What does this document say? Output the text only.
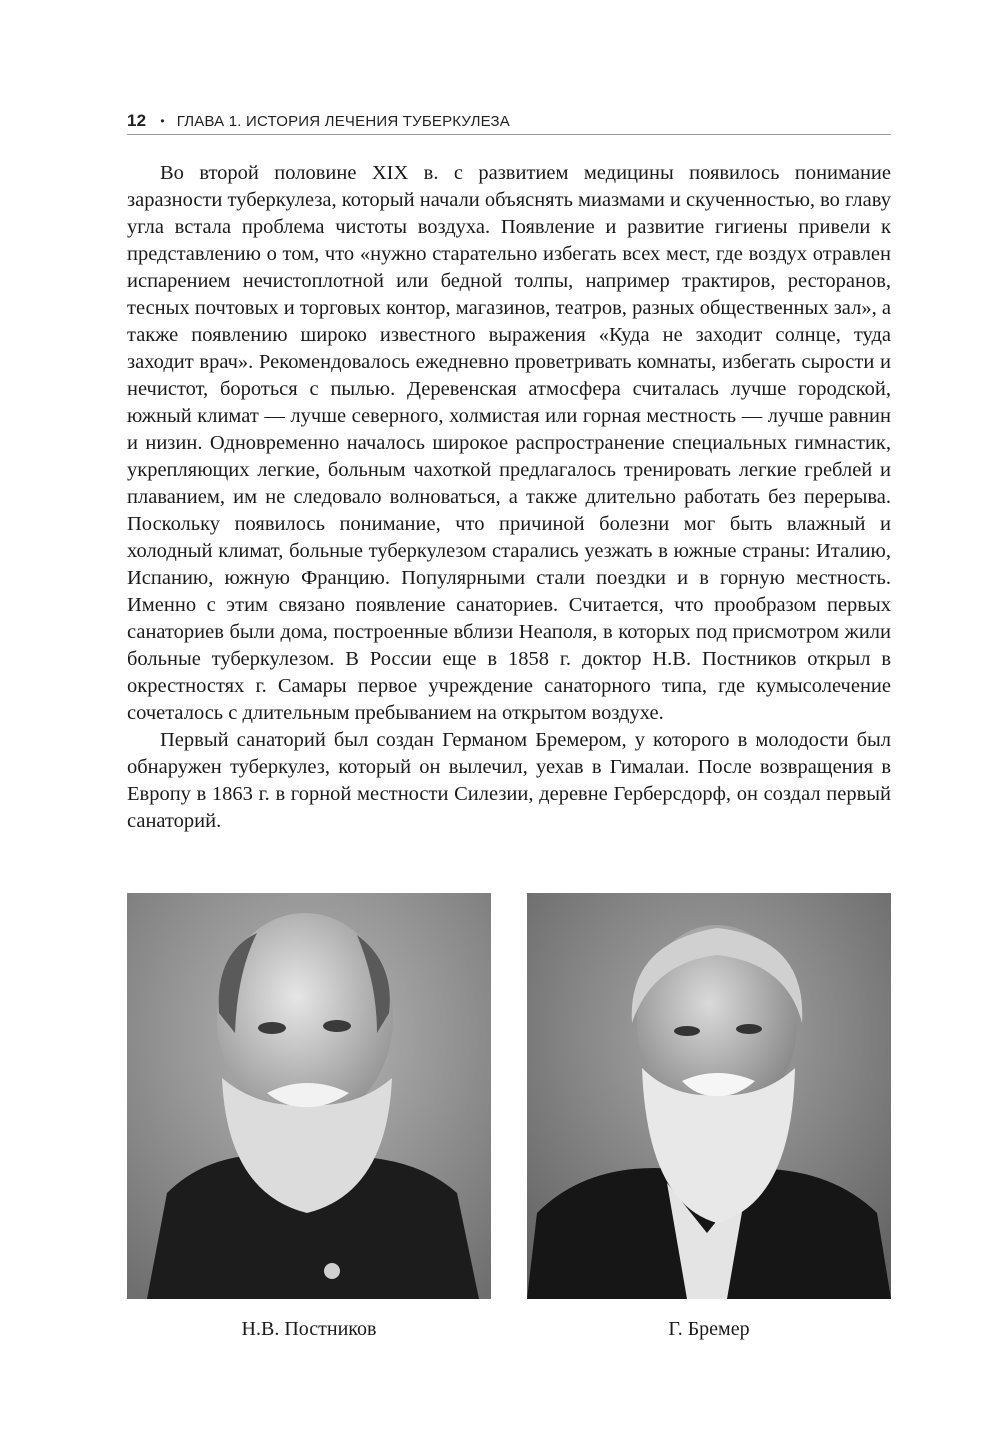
12 • ГЛАВА 1. ИСТОРИЯ ЛЕЧЕНИЯ ТУБЕРКУЛЕЗА

Во второй половине XIX в. с развитием медицины появилось понимание заразности туберкулеза, который начали объяснять миазмами и скученностью, во главу угла встала проблема чистоты воздуха. Появление и развитие гигиены привели к представлению о том, что «нужно старательно избегать всех мест, где воздух отравлен испарением нечистоплотной или бедной толпы, например трактиров, ресторанов, тесных почтовых и торговых контор, магазинов, театров, разных общественных зал», а также появлению широко известного выражения «Куда не заходит солнце, туда заходит врач». Рекомендовалось ежедневно проветривать комнаты, избегать сырости и нечистот, бороться с пылью. Деревенская атмосфера считалась лучше городской, южный климат — лучше северного, холмистая или горная местность — лучше равнин и низин. Одновременно началось широкое распространение специальных гимнастик, укрепляющих легкие, больным чахоткой предлагалось тренировать легкие греблей и плаванием, им не следовало волноваться, а также длительно работать без перерыва. Поскольку появилось понимание, что причиной болезни мог быть влажный и холодный климат, больные туберкулезом старались уезжать в южные страны: Италию, Испанию, южную Францию. Популярными стали поездки и в горную местность. Именно с этим связано появление санаториев. Считается, что прообразом первых санаториев были дома, построенные вблизи Неаполя, в которых под присмотром жили больные туберкулезом. В России еще в 1858 г. доктор Н.В. Постников открыл в окрестностях г. Самары первое учреждение санаторного типа, где кумысолечение сочеталось с длительным пребыванием на открытом воздухе.

Первый санаторий был создан Германом Бремером, у которого в молодости был обнаружен туберкулез, который он вылечил, уехав в Гималаи. После возвращения в Европу в 1863 г. в горной местности Силезии, деревне Герберсдорф, он создал первый санаторий.

Н.В. Постников	Г. Бремер
